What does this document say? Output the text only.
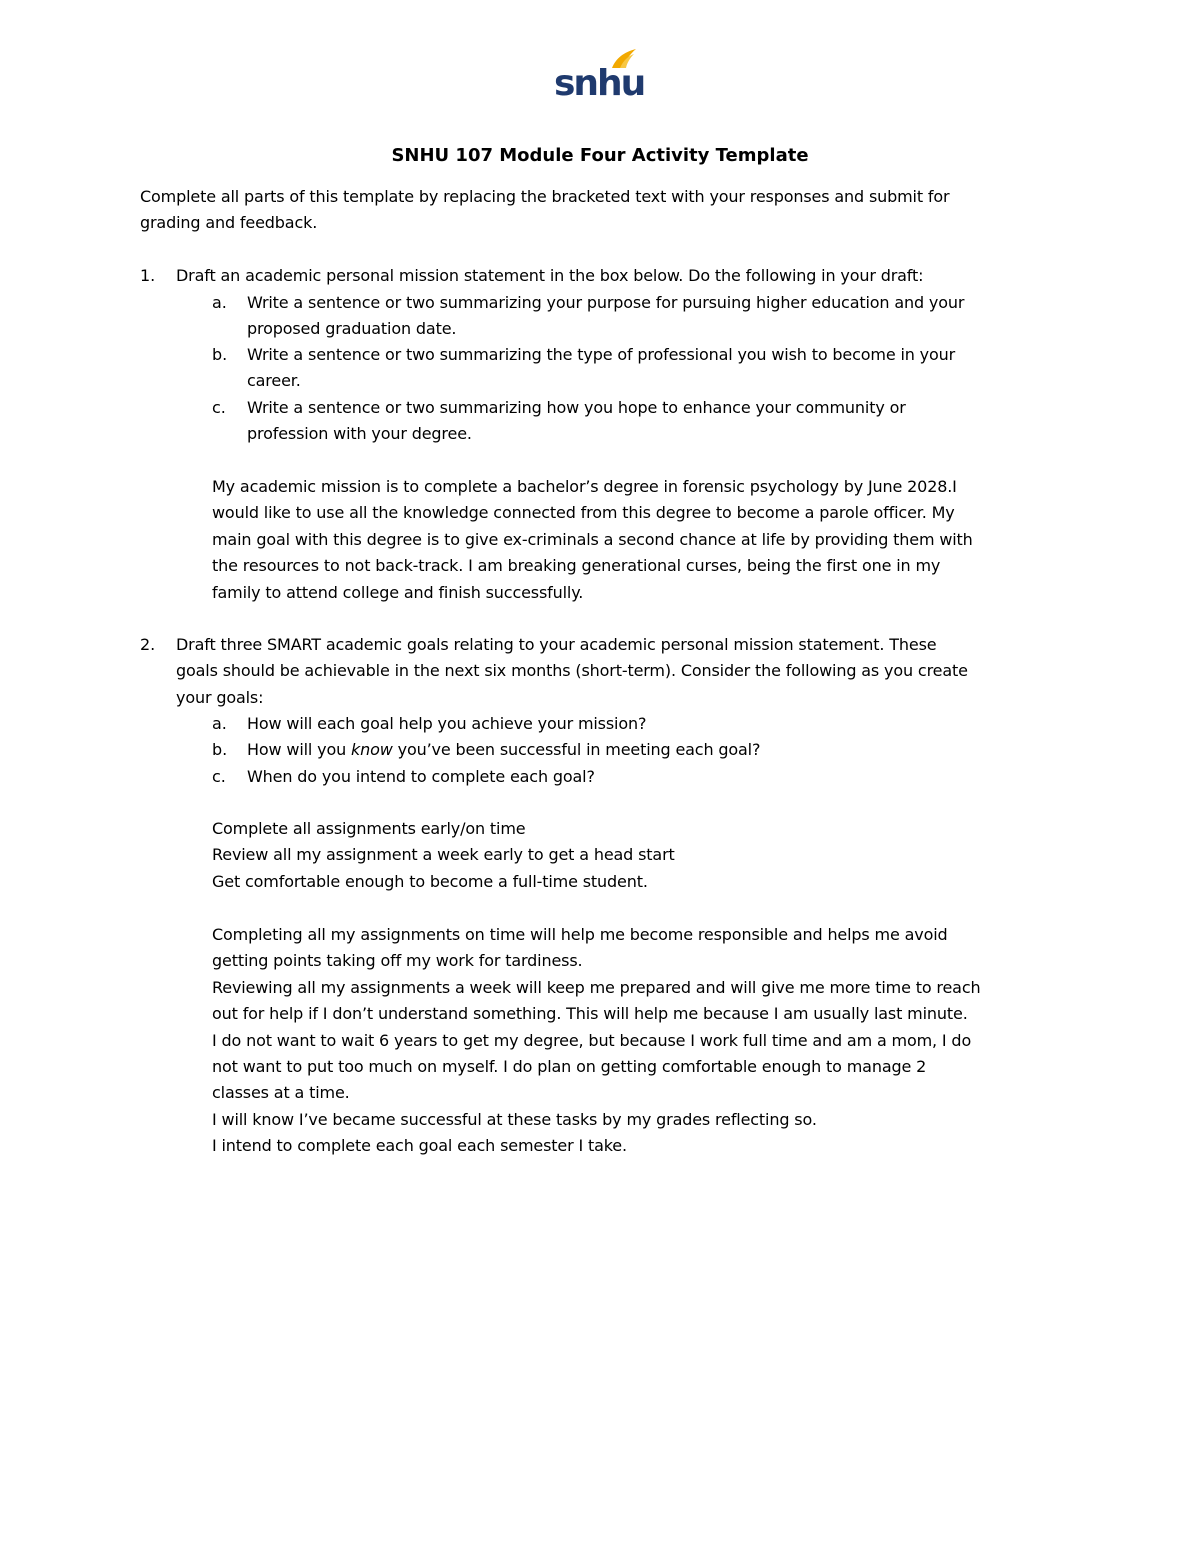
snhu
SNHU 107 Module Four Activity Template
Complete all parts of this template by replacing the bracketed text with your responses and submit for
grading and feedback.
1. Draft an academic personal mission statement in the box below. Do the following in your draft:
a. Write a sentence or two summarizing your purpose for pursuing higher education and your
proposed graduation date.
b. Write a sentence or two summarizing the type of professional you wish to become in your
career.
c. Write a sentence or two summarizing how you hope to enhance your community or
profession with your degree.
My academic mission is to complete a bachelor’s degree in forensic psychology by June 2028.I
would like to use all the knowledge connected from this degree to become a parole officer. My
main goal with this degree is to give ex-criminals a second chance at life by providing them with
the resources to not back-track. I am breaking generational curses, being the first one in my
family to attend college and finish successfully.
2. Draft three SMART academic goals relating to your academic personal mission statement. These
goals should be achievable in the next six months (short-term). Consider the following as you create
your goals:
a. How will each goal help you achieve your mission?
b. How will you know you’ve been successful in meeting each goal?
c. When do you intend to complete each goal?
Complete all assignments early/on time
Review all my assignment a week early to get a head start
Get comfortable enough to become a full-time student.
Completing all my assignments on time will help me become responsible and helps me avoid
getting points taking off my work for tardiness.
Reviewing all my assignments a week will keep me prepared and will give me more time to reach
out for help if I don’t understand something. This will help me because I am usually last minute.
I do not want to wait 6 years to get my degree, but because I work full time and am a mom, I do
not want to put too much on myself. I do plan on getting comfortable enough to manage 2
classes at a time.
I will know I’ve became successful at these tasks by my grades reflecting so.
I intend to complete each goal each semester I take.
